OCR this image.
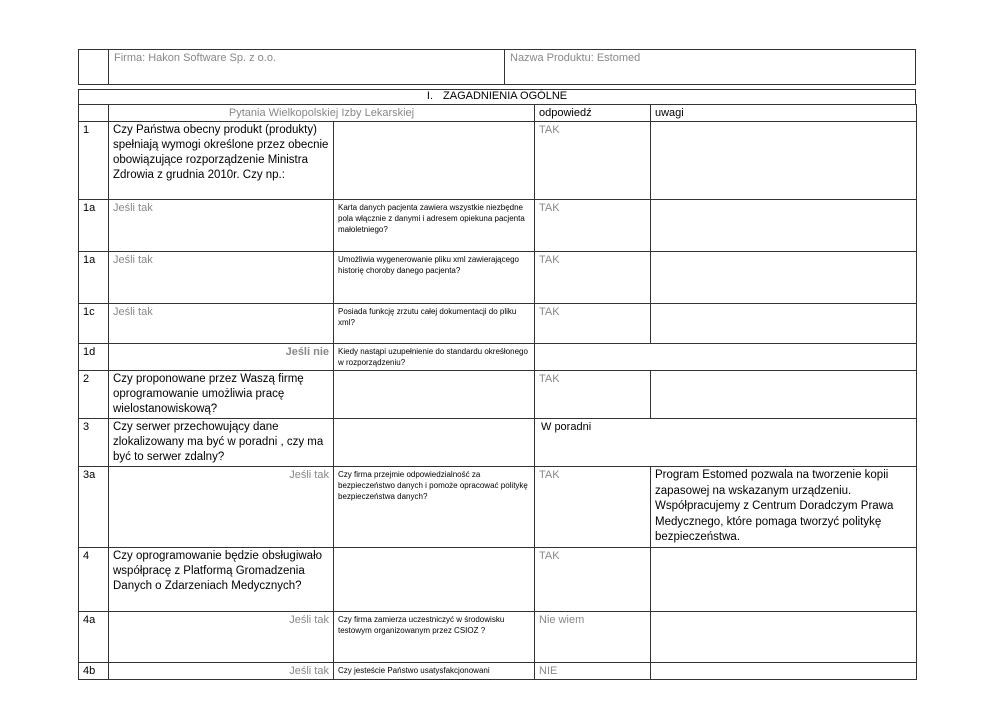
Firma: Hakon Software Sp. z o.o.	Nazwa Produktu: Estomed
I. ZAGADNIENIA OGÓLNE
	Pytania Wielkopolskiej Izby Lekarskiej		odpowiedź	uwagi
1	Czy Państwa obecny produkt (produkty) spełniają wymogi określone przez obecnie obowiązujące rozporządzenie Ministra Zdrowia z grudnia 2010r. Czy np.:		TAK	
1a	Jeśli tak	Karta danych pacjenta zawiera wszystkie niezbędne pola włącznie z danymi i adresem opiekuna pacjenta małoletniego?	TAK	
1a	Jeśli tak	Umożliwia wygenerowanie pliku xml zawierającego historię choroby danego pacjenta?	TAK	
1c	Jeśli tak	Posiada funkcję zrzutu całej dokumentacji do pliku xml?	TAK	
1d	Jeśli nie	Kiedy nastąpi uzupełnienie do standardu okreśłonego w rozporządzeniu?		
2	Czy proponowane przez Waszą firmę oprogramowanie umożliwia pracę wielostanowiskową?		TAK	
3	Czy serwer przechowujący dane zlokalizowany ma być w poradni , czy ma być to serwer zdalny?		W poradni	
3a	Jeśli tak	Czy firma przejmie odpowiedzialność za bezpieczeństwo danych i pomoże opracować politykę bezpieczeństwa danych?	TAK	Program Estomed pozwala na tworzenie kopii zapasowej na wskazanym urządzeniu. Współpracujemy z Centrum Doradczym Prawa Medycznego, które pomaga tworzyć politykę bezpieczeństwa.
4	Czy oprogramowanie będzie obsługiwało współpracę z Platformą Gromadzenia Danych o Zdarzeniach Medycznych?		TAK	
4a	Jeśli tak	Czy firma zamierza uczestniczyć w środowisku testowym organizowanym przez CSIOZ ?	Nie wiem	
4b	Jeśli tak	Czy jesteście Państwo usatysfakcjonowani	NIE	
